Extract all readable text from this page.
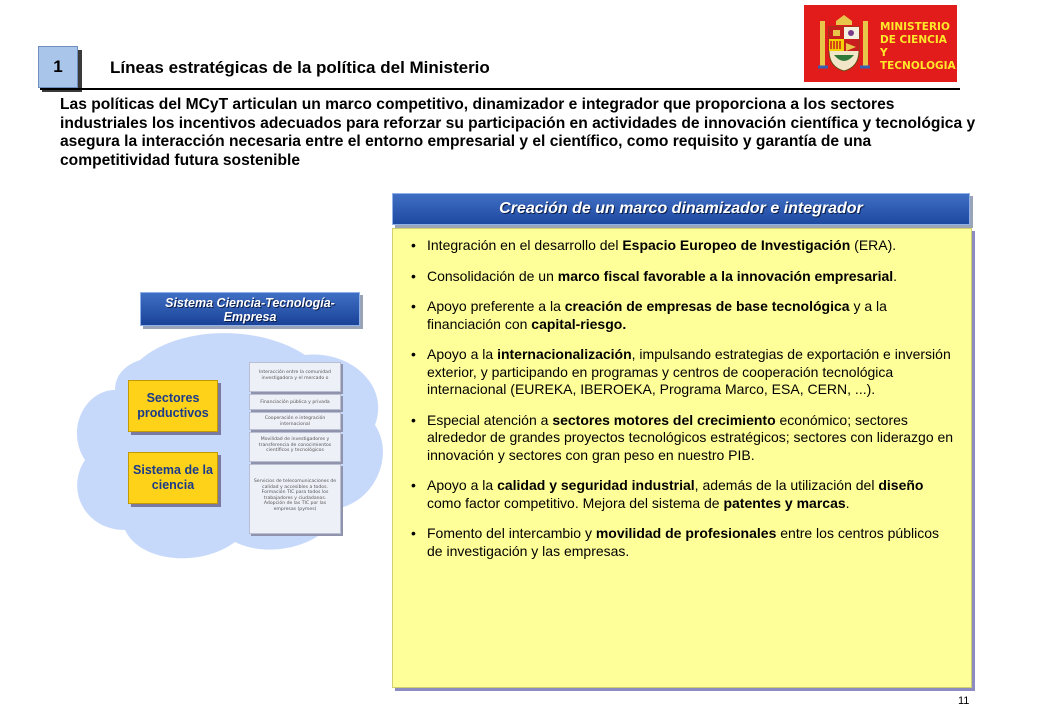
1	Líneas estratégicas de la política del Ministerio
MINISTERIO
DE CIENCIA
Y TECNOLOGIA
Las políticas del MCyT articulan un marco competitivo, dinamizador e integrador que proporciona a los sectores industriales los incentivos adecuados para reforzar su participación en actividades de innovación científica y tecnológica y asegura la interacción necesaria entre el entorno empresarial y el científico, como requisito y garantía de una competitividad futura sostenible
Sistema Ciencia-Tecnología-Empresa
Sectores productivos
Sistema de la ciencia
Interacción entre la comunidad investigadora y el mercado o
Financiación pública y privada
Cooperación e integración internacional
Movilidad de investigadores y transferencia de conocimientos científicos y tecnológicos
Servicios de telecomunicaciones de calidad y accesibles a todos. Formación TIC para todos los trabajadores y ciudadanos. Adopción de las TIC por las empresas (pymes)
Creación de un marco dinamizador e integrador
• Integración en el desarrollo del Espacio Europeo de Investigación (ERA).
• Consolidación de un marco fiscal favorable a la innovación empresarial.
• Apoyo preferente a la creación de empresas de base tecnológica y a la financiación con capital-riesgo.
• Apoyo a la internacionalización, impulsando estrategias de exportación e inversión exterior, y participando en programas y centros de cooperación tecnológica internacional (EUREKA, IBEROEKA, Programa Marco, ESA, CERN, ...).
• Especial atención a sectores motores del crecimiento económico; sectores alrededor de grandes proyectos tecnológicos estratégicos; sectores con liderazgo en innovación y sectores con gran peso en nuestro PIB.
• Apoyo a la calidad y seguridad industrial, además de la utilización del diseño como factor competitivo. Mejora del sistema de patentes y marcas.
• Fomento del intercambio y movilidad de profesionales entre los centros públicos de investigación y las empresas.
11
